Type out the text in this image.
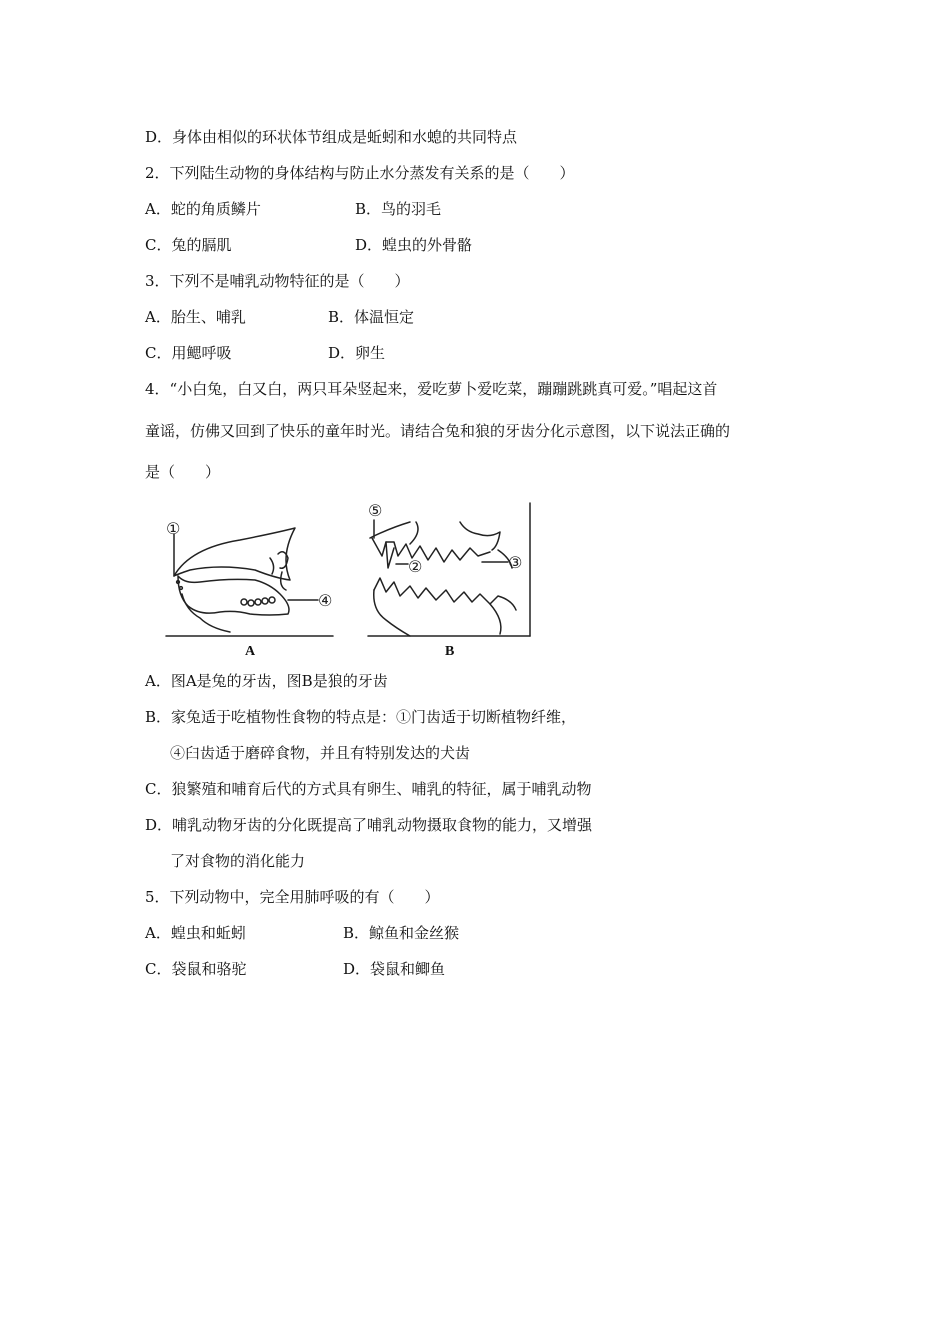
D．身体由相似的环状体节组成是蚯蚓和水螅的共同特点
2．下列陆生动物的身体结构与防止水分蒸发有关系的是（　　）
A．蛇的角质鳞片	B．鸟的羽毛
C．兔的膈肌	D．蝗虫的外骨骼
3．下列不是哺乳动物特征的是（　　）
A．胎生、哺乳	B．体温恒定
C．用鳃呼吸	D．卵生
4．“小白兔，白又白，两只耳朵竖起来，爱吃萝卜爱吃菜，蹦蹦跳跳真可爱。”唱起这首
童谣，仿佛又回到了快乐的童年时光。请结合兔和狼的牙齿分化示意图，以下说法正确的
是（　　）
①
④
⑤
②	③
A	B
A．图A是兔的牙齿，图B是狼的牙齿
B．家兔适于吃植物性食物的特点是：①门齿适于切断植物纤维，
④臼齿适于磨碎食物，并且有特别发达的犬齿
C．狼繁殖和哺育后代的方式具有卵生、哺乳的特征，属于哺乳动物
D．哺乳动物牙齿的分化既提高了哺乳动物摄取食物的能力，又增强
了对食物的消化能力
5．下列动物中，完全用肺呼吸的有（　　）
A．蝗虫和蚯蚓	B．鲸鱼和金丝猴
C．袋鼠和骆驼	D．袋鼠和鲫鱼
